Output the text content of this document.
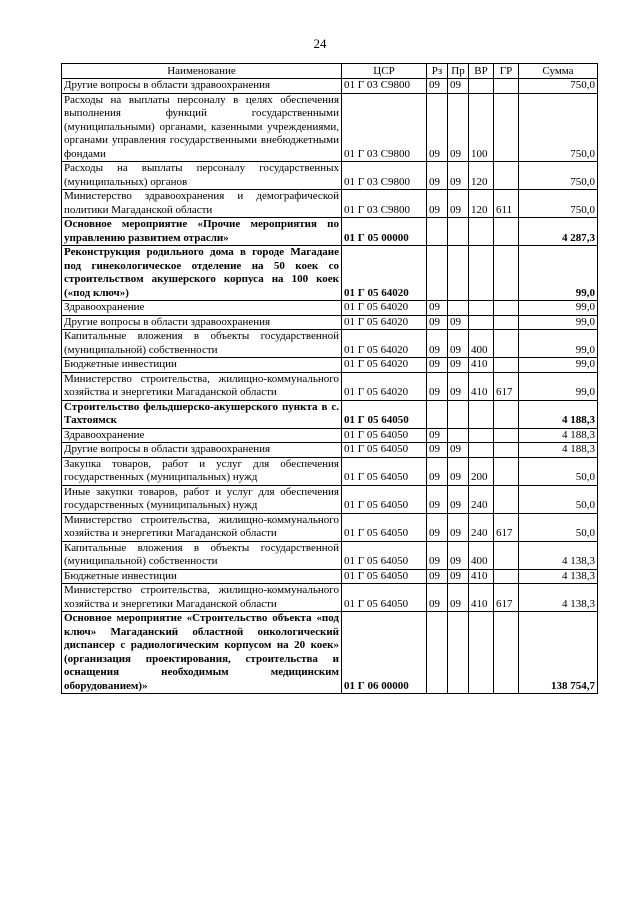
24
Наименование	ЦСР	Рз	Пр	ВР	ГР	Сумма
Другие вопросы в области здравоохранения	01 Г 03 С9800	09	09			750,0
Расходы на выплаты персоналу в целях обеспечения выполнения функций государственными (муниципальными) органами, казенными учреждениями, органами управления государственными внебюджетными фондами	01 Г 03 С9800	09	09	100		750,0
Расходы на выплаты персоналу государственных (муниципальных) органов	01 Г 03 С9800	09	09	120		750,0
Министерство здравоохранения и демографической политики Магаданской области	01 Г 03 С9800	09	09	120	611	750,0
Основное мероприятие «Прочие мероприятия по управлению развитием отрасли»	01 Г 05 00000					4 287,3
Реконструкция родильного дома в городе Магадане под гинекологическое отделение на 50 коек со строительством акушерского корпуса на 100 коек («под ключ»)	01 Г 05 64020					99,0
Здравоохранение	01 Г 05 64020	09				99,0
Другие вопросы в области здравоохранения	01 Г 05 64020	09	09			99,0
Капитальные вложения в объекты государственной (муниципальной) собственности	01 Г 05 64020	09	09	400		99,0
Бюджетные инвестиции	01 Г 05 64020	09	09	410		99,0
Министерство строительства, жилищно-коммунального хозяйства и энергетики Магаданской области	01 Г 05 64020	09	09	410	617	99,0
Строительство фельдшерско-акушерского пункта в с. Тахтоямск	01 Г 05 64050					4 188,3
Здравоохранение	01 Г 05 64050	09				4 188,3
Другие вопросы в области здравоохранения	01 Г 05 64050	09	09			4 188,3
Закупка товаров, работ и услуг для обеспечения государственных (муниципальных) нужд	01 Г 05 64050	09	09	200		50,0
Иные закупки товаров, работ и услуг для обеспечения государственных (муниципальных) нужд	01 Г 05 64050	09	09	240		50,0
Министерство строительства, жилищно-коммунального хозяйства и энергетики Магаданской области	01 Г 05 64050	09	09	240	617	50,0
Капитальные вложения в объекты государственной (муниципальной) собственности	01 Г 05 64050	09	09	400		4 138,3
Бюджетные инвестиции	01 Г 05 64050	09	09	410		4 138,3
Министерство строительства, жилищно-коммунального хозяйства и энергетики Магаданской области	01 Г 05 64050	09	09	410	617	4 138,3
Основное мероприятие «Строительство объекта «под ключ» Магаданский областной онкологический диспансер с радиологическим корпусом на 20 коек» (организация проектирования, строительства и оснащения необходимым медицинским оборудованием)»	01 Г 06 00000					138 754,7
